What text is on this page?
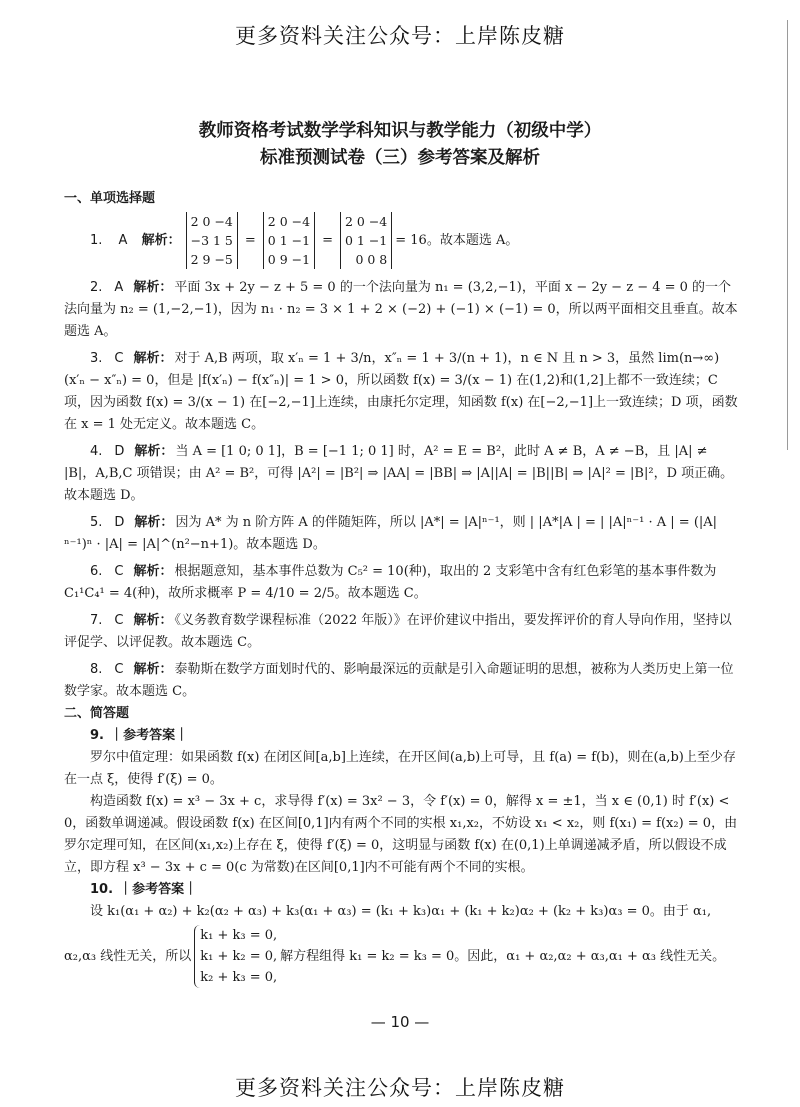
更多资料关注公众号：上岸陈皮糖
教师资格考试数学学科知识与教学能力（初级中学）
标准预测试卷（三）参考答案及解析

一、单项选择题

1. A 解析：
2 0 −4
−3 1 5
2 9 −5
=
2 0 −4
0 1 −1
0 9 −1
=
2 0 −4
0 1 −1
0 0 8
= 16。故本题选 A。

2. A 解析： 平面 3x + 2y − z + 5 = 0 的一个法向量为 n₁ = (3,2,−1)，平面 x − 2y − z − 4 = 0 的一个法向量为 n₂ = (1,−2,−1)，因为 n₁ · n₂ = 3 × 1 + 2 × (−2) + (−1) × (−1) = 0，所以两平面相交且垂直。故本题选 A。

3. C 解析： 对于 A,B 两项，取 x′ₙ = 1 + 3/n，x″ₙ = 1 + 3/(n + 1)，n ∈ N 且 n > 3，虽然 lim(n→∞)(x′ₙ − x″ₙ) = 0，但是 |f(x′ₙ) − f(x″ₙ)| = 1 > 0，所以函数 f(x) = 3/(x − 1) 在(1,2)和(1,2]上都不一致连续；C 项，因为函数 f(x) = 3/(x − 1) 在[−2,−1]上连续，由康托尔定理，知函数 f(x) 在[−2,−1]上一致连续；D 项，函数在 x = 1 处无定义。故本题选 C。

4. D 解析： 当 A = [1 0; 0 1]，B = [−1 1; 0 1] 时，A² = E = B²，此时 A ≠ B，A ≠ −B，且 |A| ≠ |B|，A,B,C 项错误；由 A² = B²，可得 |A²| = |B²| ⇒ |AA| = |BB| ⇒ |A||A| = |B||B| ⇒ |A|² = |B|²，D 项正确。故本题选 D。

5. D 解析： 因为 A* 为 n 阶方阵 A 的伴随矩阵，所以 |A*| = |A|ⁿ⁻¹，则 | |A*|A | = | |A|ⁿ⁻¹ · A | = (|A|ⁿ⁻¹)ⁿ · |A| = |A|^(n²−n+1)。故本题选 D。

6. C 解析： 根据题意知，基本事件总数为 C₅² = 10(种)，取出的 2 支彩笔中含有红色彩笔的基本事件数为 C₁¹C₄¹ = 4(种)，故所求概率 P = 4/10 = 2/5。故本题选 C。

7. C 解析： 《义务教育数学课程标准（2022 年版）》在评价建议中指出，要发挥评价的育人导向作用，坚持以评促学、以评促教。故本题选 C。

8. C 解析： 泰勒斯在数学方面划时代的、影响最深远的贡献是引入命题证明的思想，被称为人类历史上第一位数学家。故本题选 C。

二、简答题

9. ｜参考答案｜

罗尔中值定理：如果函数 f(x) 在闭区间[a,b]上连续，在开区间(a,b)上可导，且 f(a) = f(b)，则在(a,b)上至少存在一点 ξ，使得 f′(ξ) = 0。

构造函数 f(x) = x³ − 3x + c，求导得 f′(x) = 3x² − 3，令 f′(x) = 0，解得 x = ±1，当 x ∈ (0,1) 时 f′(x) < 0，函数单调递减。假设函数 f(x) 在区间[0,1]内有两个不同的实根 x₁,x₂，不妨设 x₁ < x₂，则 f(x₁) = f(x₂) = 0，由罗尔定理可知，在区间(x₁,x₂)上存在 ξ，使得 f′(ξ) = 0，这明显与函数 f(x) 在(0,1)上单调递减矛盾，所以假设不成立，即方程 x³ − 3x + c = 0(c 为常数)在区间[0,1]内不可能有两个不同的实根。

10. ｜参考答案｜

设 k₁(α₁ + α₂) + k₂(α₂ + α₃) + k₃(α₁ + α₃) = (k₁ + k₃)α₁ + (k₁ + k₂)α₂ + (k₂ + k₃)α₃ = 0。由于 α₁,

α₂,α₃ 线性无关，所以
k₁ + k₃ = 0,
k₁ + k₂ = 0,
k₂ + k₃ = 0,
解方程组得 k₁ = k₂ = k₃ = 0。因此，α₁ + α₂,α₂ + α₃,α₁ + α₃ 线性无关。
— 10 —
更多资料关注公众号：上岸陈皮糖
